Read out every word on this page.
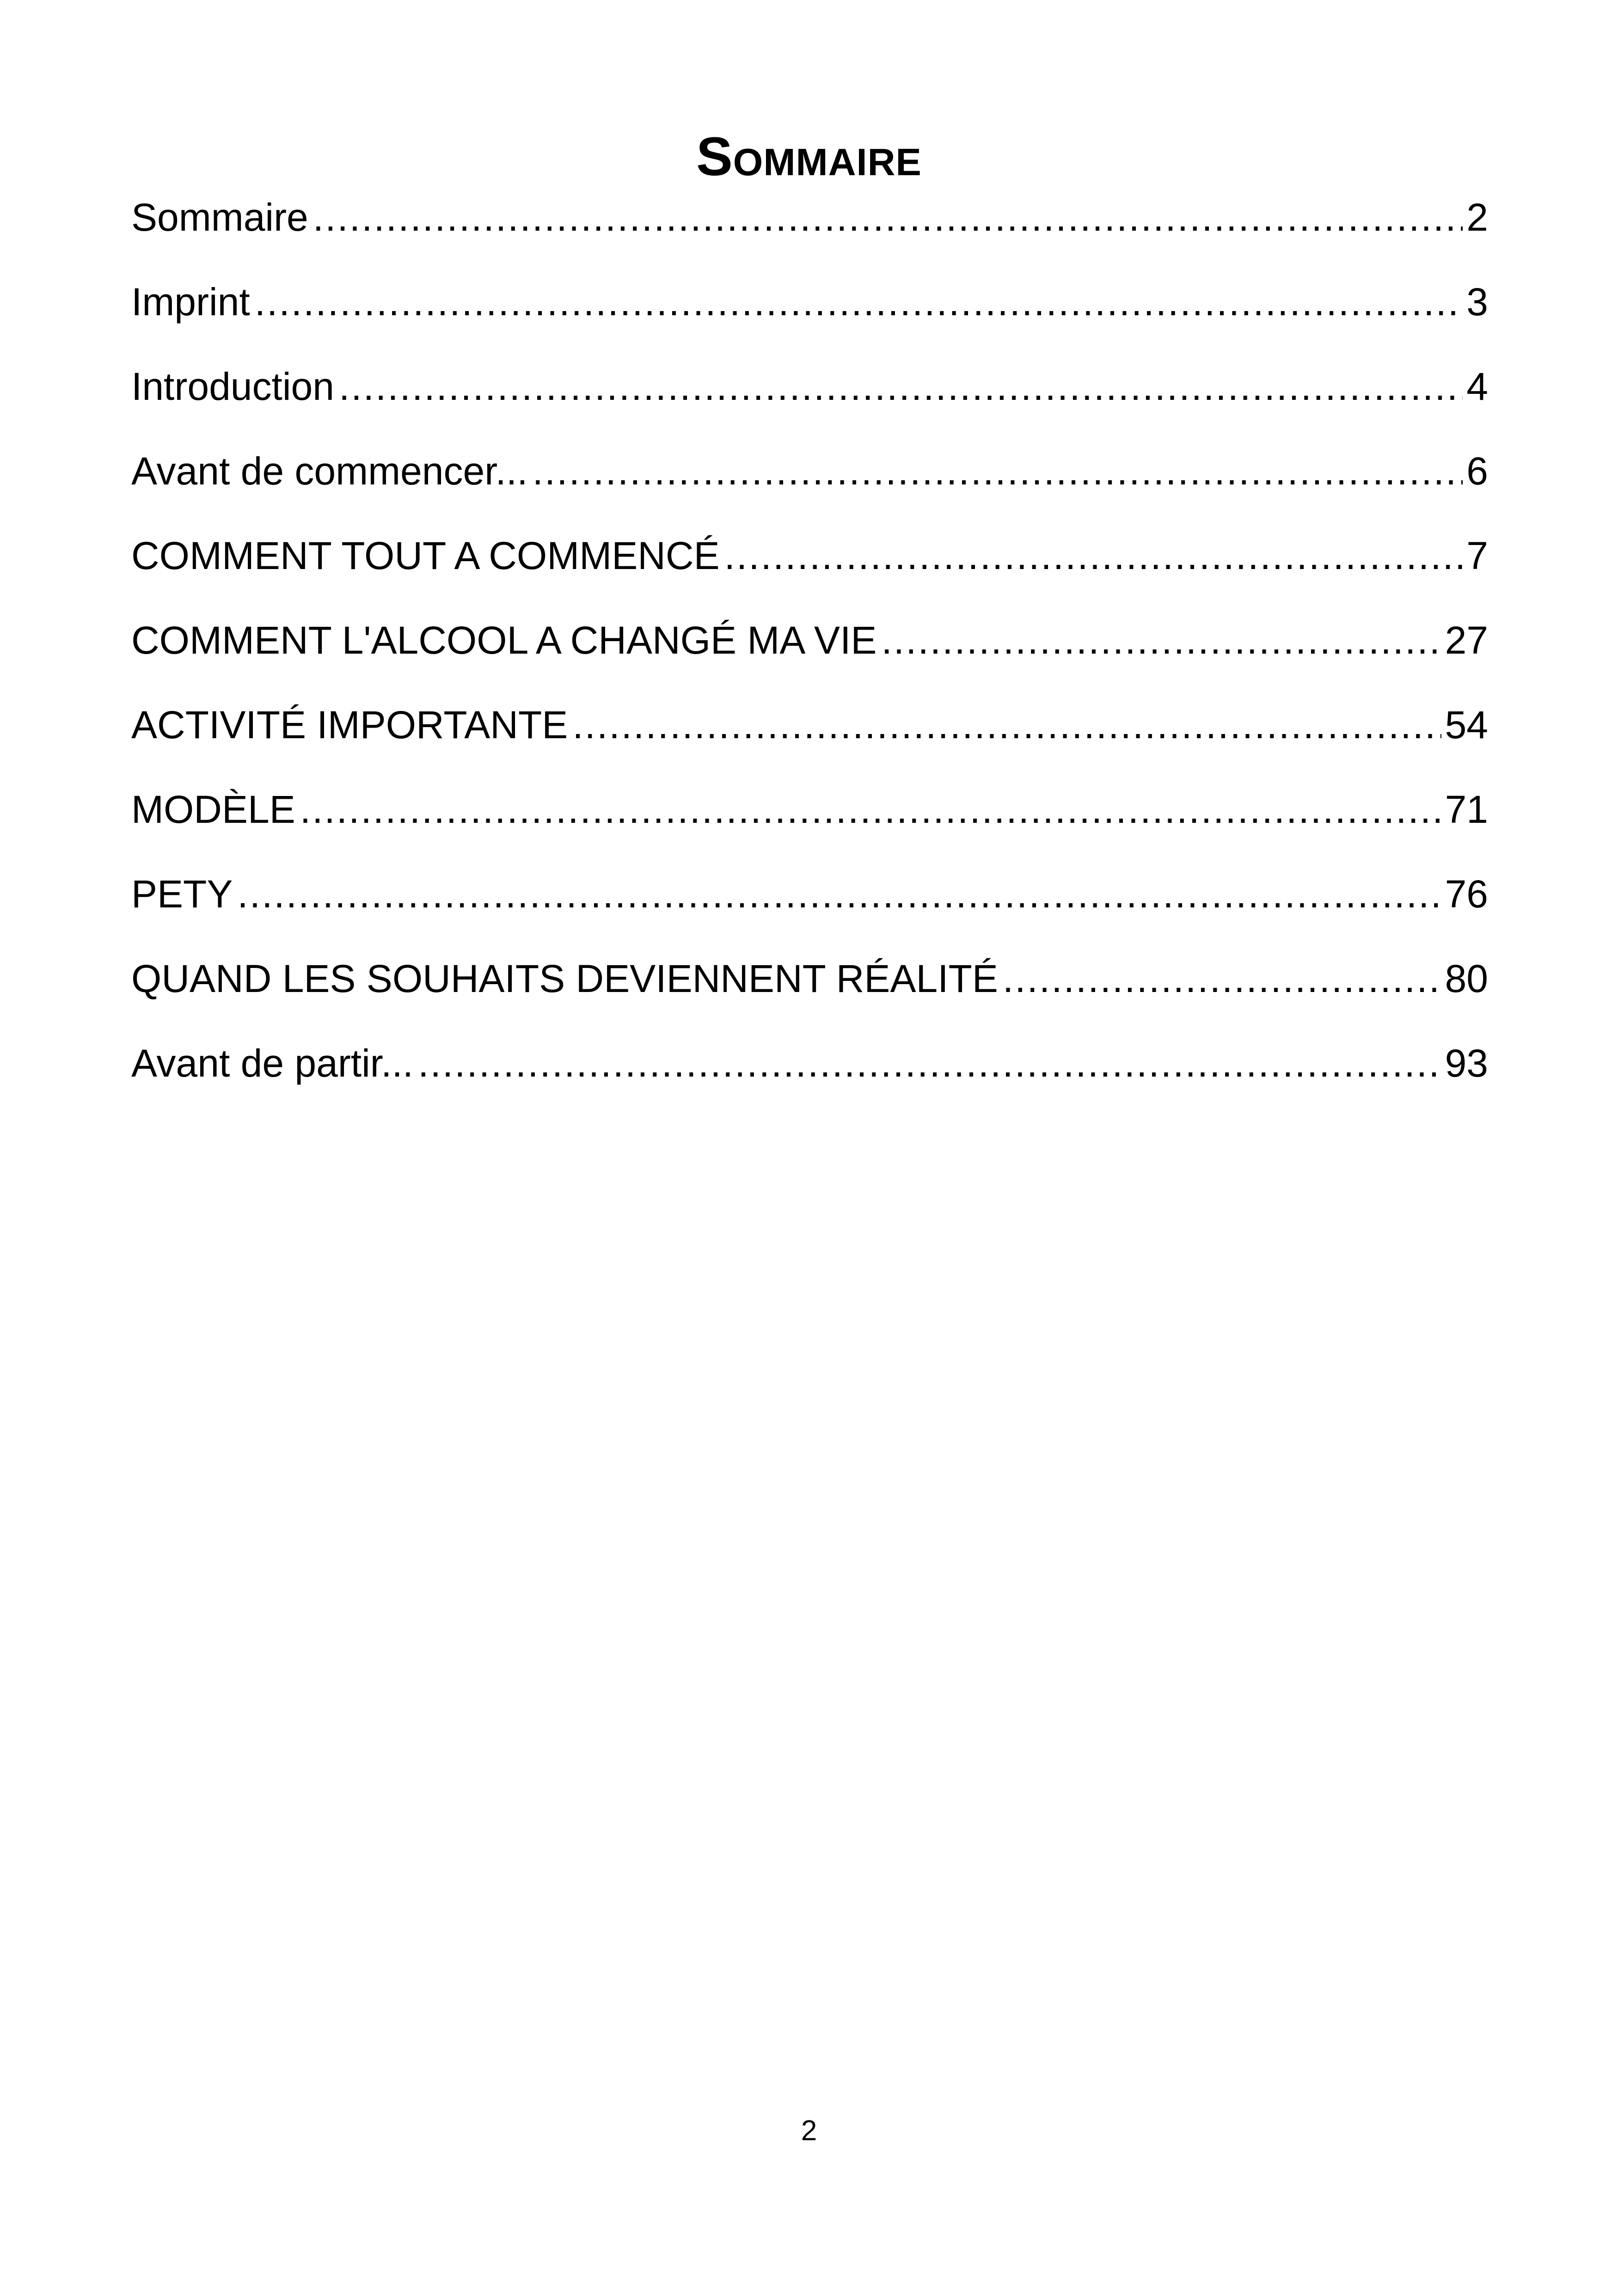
Sommaire
Sommaire .....	2
Imprint .....	3
Introduction .....	4
Avant de commencer... .....	6
COMMENT TOUT A COMMENCÉ .....	7
COMMENT L'ALCOOL A CHANGÉ MA VIE .....	27
ACTIVITÉ IMPORTANTE .....	54
MODÈLE .....	71
PETY .....	76
QUAND LES SOUHAITS DEVIENNENT RÉALITÉ .....	80
Avant de partir... .....	93
2
